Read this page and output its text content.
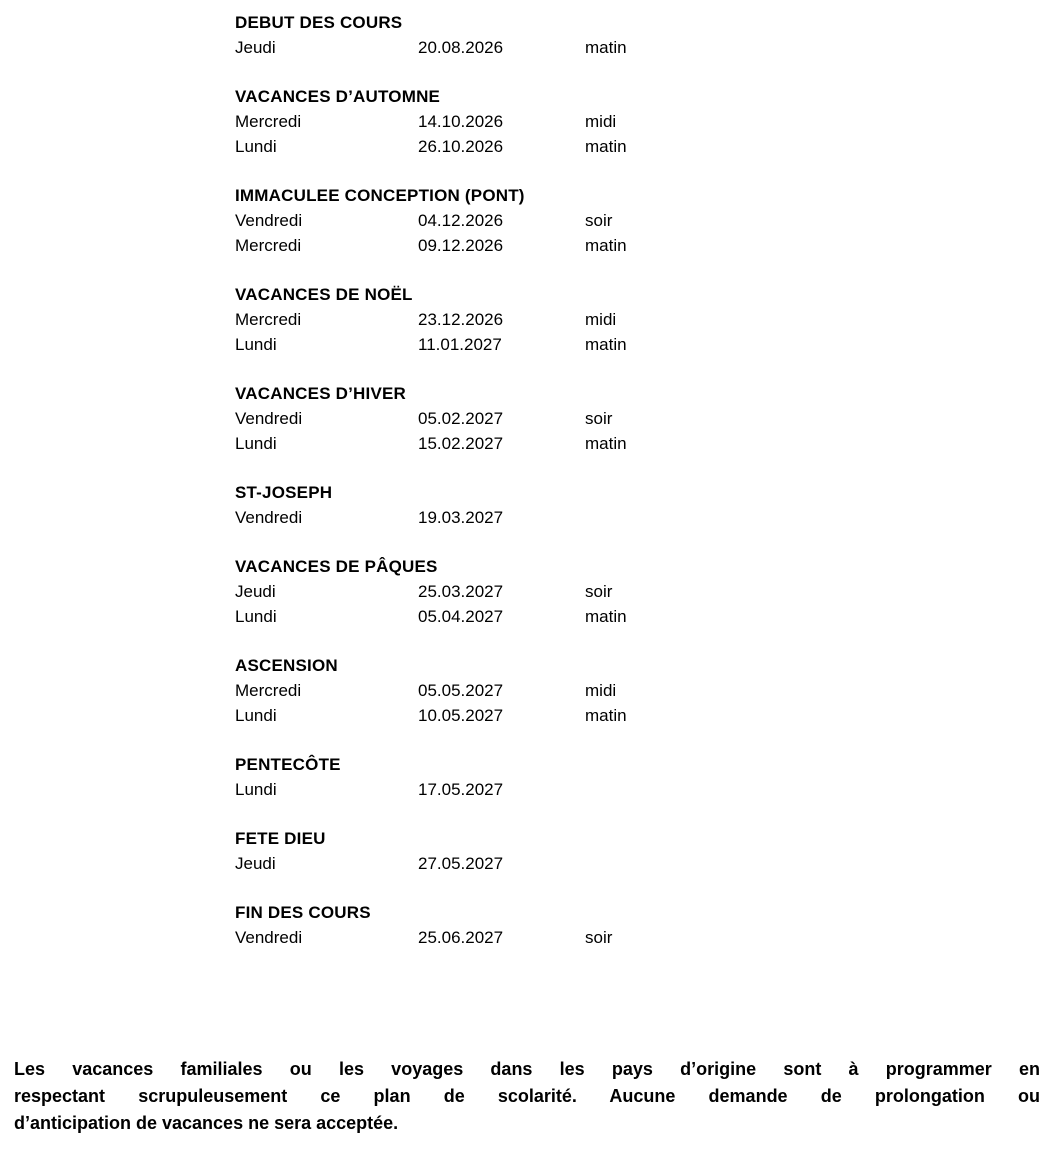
DEBUT DES COURS
Jeudi	20.08.2026	matin
VACANCES D’AUTOMNE
Mercredi	14.10.2026	midi
Lundi	26.10.2026	matin
IMMACULEE CONCEPTION (PONT)
Vendredi	04.12.2026	soir
Mercredi	09.12.2026	matin
VACANCES DE NOËL
Mercredi	23.12.2026	midi
Lundi	11.01.2027	matin
VACANCES D’HIVER
Vendredi	05.02.2027	soir
Lundi	15.02.2027	matin
ST-JOSEPH
Vendredi	19.03.2027
VACANCES DE PÂQUES
Jeudi	25.03.2027	soir
Lundi	05.04.2027	matin
ASCENSION
Mercredi	05.05.2027	midi
Lundi	10.05.2027	matin
PENTECÔTE
Lundi	17.05.2027
FETE DIEU
Jeudi	27.05.2027
FIN DES COURS
Vendredi	25.06.2027	soir
Les vacances familiales ou les voyages dans les pays d’origine sont à programmer en
respectant scrupuleusement ce plan de scolarité. Aucune demande de prolongation ou
d’anticipation de vacances ne sera acceptée.
